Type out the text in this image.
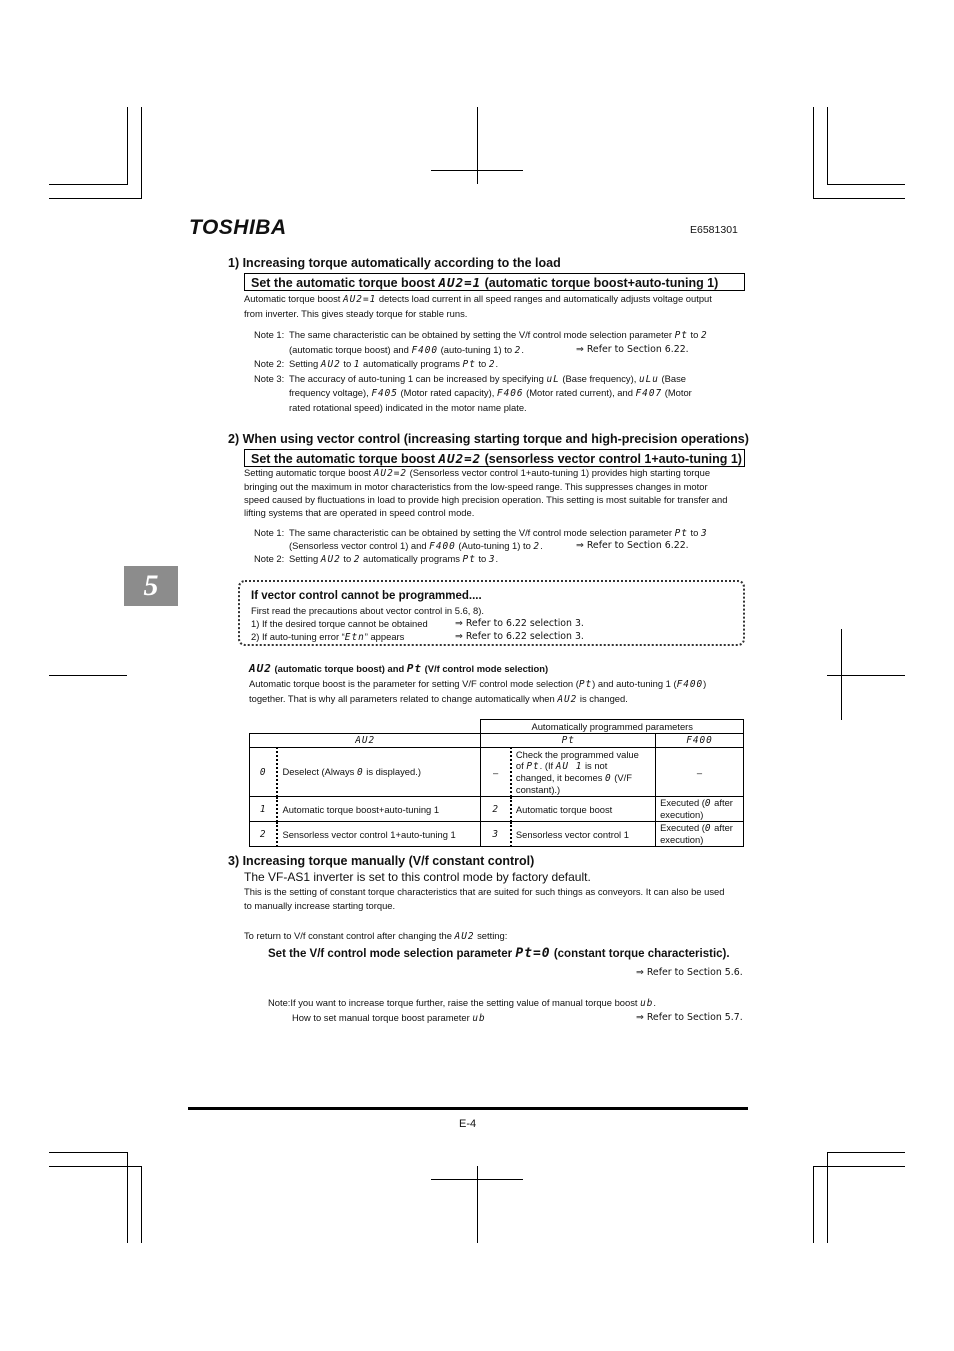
TOSHIBA	E6581301
5
1) Increasing torque automatically according to the load
Set the automatic torque boost AU2=1 (automatic torque boost+auto-tuning 1)
Automatic torque boost AU2=1 detects load current in all speed ranges and automatically adjusts voltage output
from inverter. This gives steady torque for stable runs.
Note 1: The same characteristic can be obtained by setting the V/f control mode selection parameter Pt to 2
(automatic torque boost) and F400 (auto-tuning 1) to 2.	⇒ Refer to Section 6.22.
Note 2: Setting AU2 to 1 automatically programs Pt to 2.
Note 3: The accuracy of auto-tuning 1 can be increased by specifying uL (Base frequency), uLu (Base
frequency voltage), F405 (Motor rated capacity), F406 (Motor rated current), and F407 (Motor
rated rotational speed) indicated in the motor name plate.
2) When using vector control (increasing starting torque and high-precision operations)
Set the automatic torque boost AU2=2 (sensorless vector control 1+auto-tuning 1)
Setting automatic torque boost AU2=2 (Sensorless vector control 1+auto-tuning 1) provides high starting torque
bringing out the maximum in motor characteristics from the low-speed range. This suppresses changes in motor
speed caused by fluctuations in load to provide high precision operation. This setting is most suitable for transfer and
lifting systems that are operated in speed control mode.
Note 1: The same characteristic can be obtained by setting the V/f control mode selection parameter Pt to 3
(Sensorless vector control 1) and F400 (Auto-tuning 1) to 2.	⇒ Refer to Section 6.22.
Note 2: Setting AU2 to 2 automatically programs Pt to 3.
If vector control cannot be programmed....
First read the precautions about vector control in 5.6, 8).
1) If the desired torque cannot be obtained	⇒ Refer to 6.22 selection 3.
2) If auto-tuning error “Etn” appears	⇒ Refer to 6.22 selection 3.
AU2 (automatic torque boost) and Pt (V/f control mode selection)
Automatic torque boost is the parameter for setting V/F control mode selection (Pt) and auto-tuning 1 (F400)
together. That is why all parameters related to change automatically when AU2 is changed.
		Automatically programmed parameters		
AU2		Pt		F400
0	Deselect (Always 0 is displayed.)	–	Check the programmed value
of Pt. (If AU 1 is not
changed, it becomes 0 (V/F
constant).)	–
1	Automatic torque boost+auto-tuning 1	2	Automatic torque boost	Executed (0 after
execution)

2	Sensorless vector control 1+auto-tuning 1	3	Sensorless vector control 1	Executed (0 after
execution)
3) Increasing torque manually (V/f constant control)
The VF-AS1 inverter is set to this control mode by factory default.
This is the setting of constant torque characteristics that are suited for such things as conveyors. It can also be used
to manually increase starting torque.
To return to V/f constant control after changing the AU2 setting:
Set the V/f control mode selection parameter Pt=0 (constant torque characteristic).
⇒ Refer to Section 5.6.
Note:If you want to increase torque further, raise the setting value of manual torque boost ub.
How to set manual torque boost parameter ub	⇒ Refer to Section 5.7.
E-4
